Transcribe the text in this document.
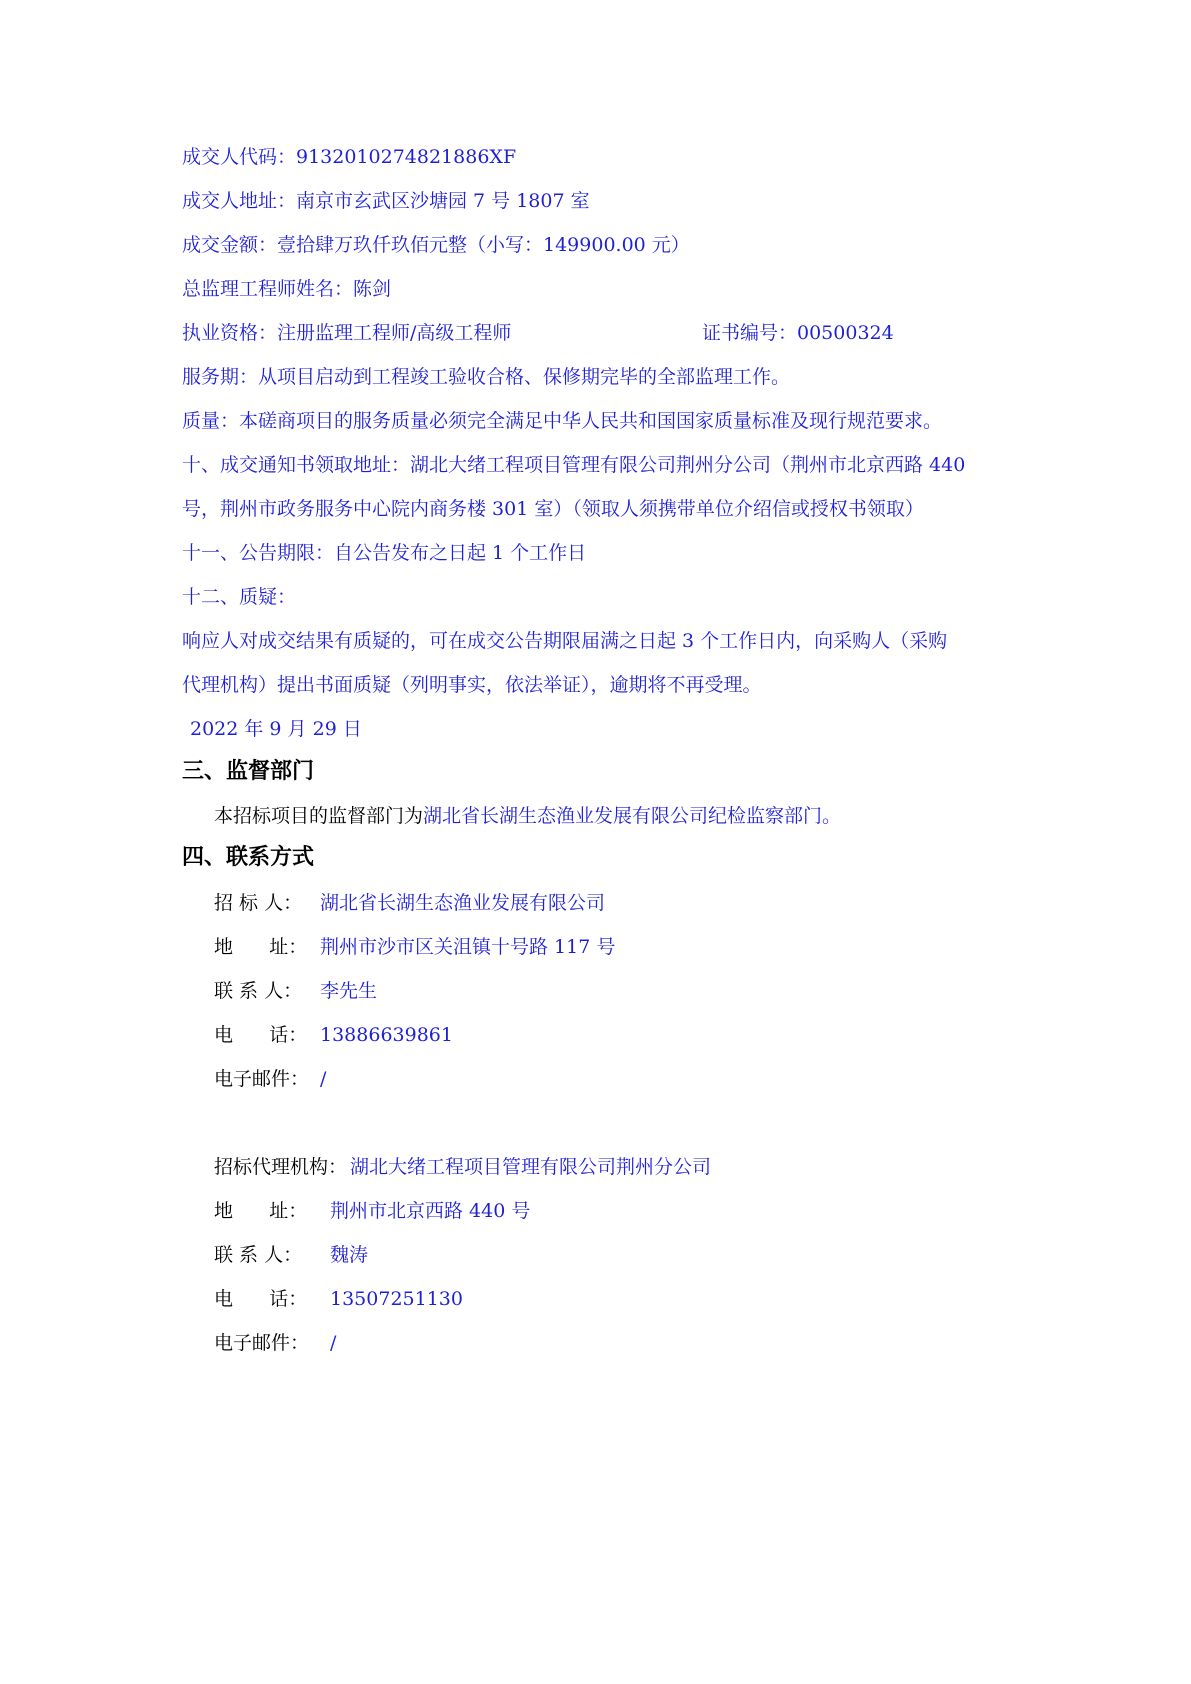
成交人代码：9132010274821886XF
成交人地址：南京市玄武区沙塘园 7 号 1807 室
成交金额：壹拾肆万玖仟玖佰元整（小写：149900.00 元）
总监理工程师姓名：陈剑
执业资格：注册监理工程师/高级工程师	证书编号：00500324
服务期：从项目启动到工程竣工验收合格、保修期完毕的全部监理工作。
质量：本磋商项目的服务质量必须完全满足中华人民共和国国家质量标准及现行规范要求。
十、成交通知书领取地址：湖北大绪工程项目管理有限公司荆州分公司（荆州市北京西路 440
号，荆州市政务服务中心院内商务楼 301 室）（领取人须携带单位介绍信或授权书领取）
十一、公告期限：自公告发布之日起 1 个工作日
十二、质疑：
响应人对成交结果有质疑的，可在成交公告期限届满之日起 3 个工作日内，向采购人（采购
代理机构）提出书面质疑（列明事实，依法举证），逾期将不再受理。
2022 年 9 月 29 日
三、监督部门
本招标项目的监督部门为湖北省长湖生态渔业发展有限公司纪检监察部门。
四、联系方式
招 标 人： 湖北省长湖生态渔业发展有限公司
地      址： 荆州市沙市区关沮镇十号路 117 号
联 系 人： 李先生
电      话： 13886639861
电子邮件： /
招标代理机构： 湖北大绪工程项目管理有限公司荆州分公司
地      址： 荆州市北京西路 440 号
联 系 人： 魏涛
电      话： 13507251130
电子邮件： /
